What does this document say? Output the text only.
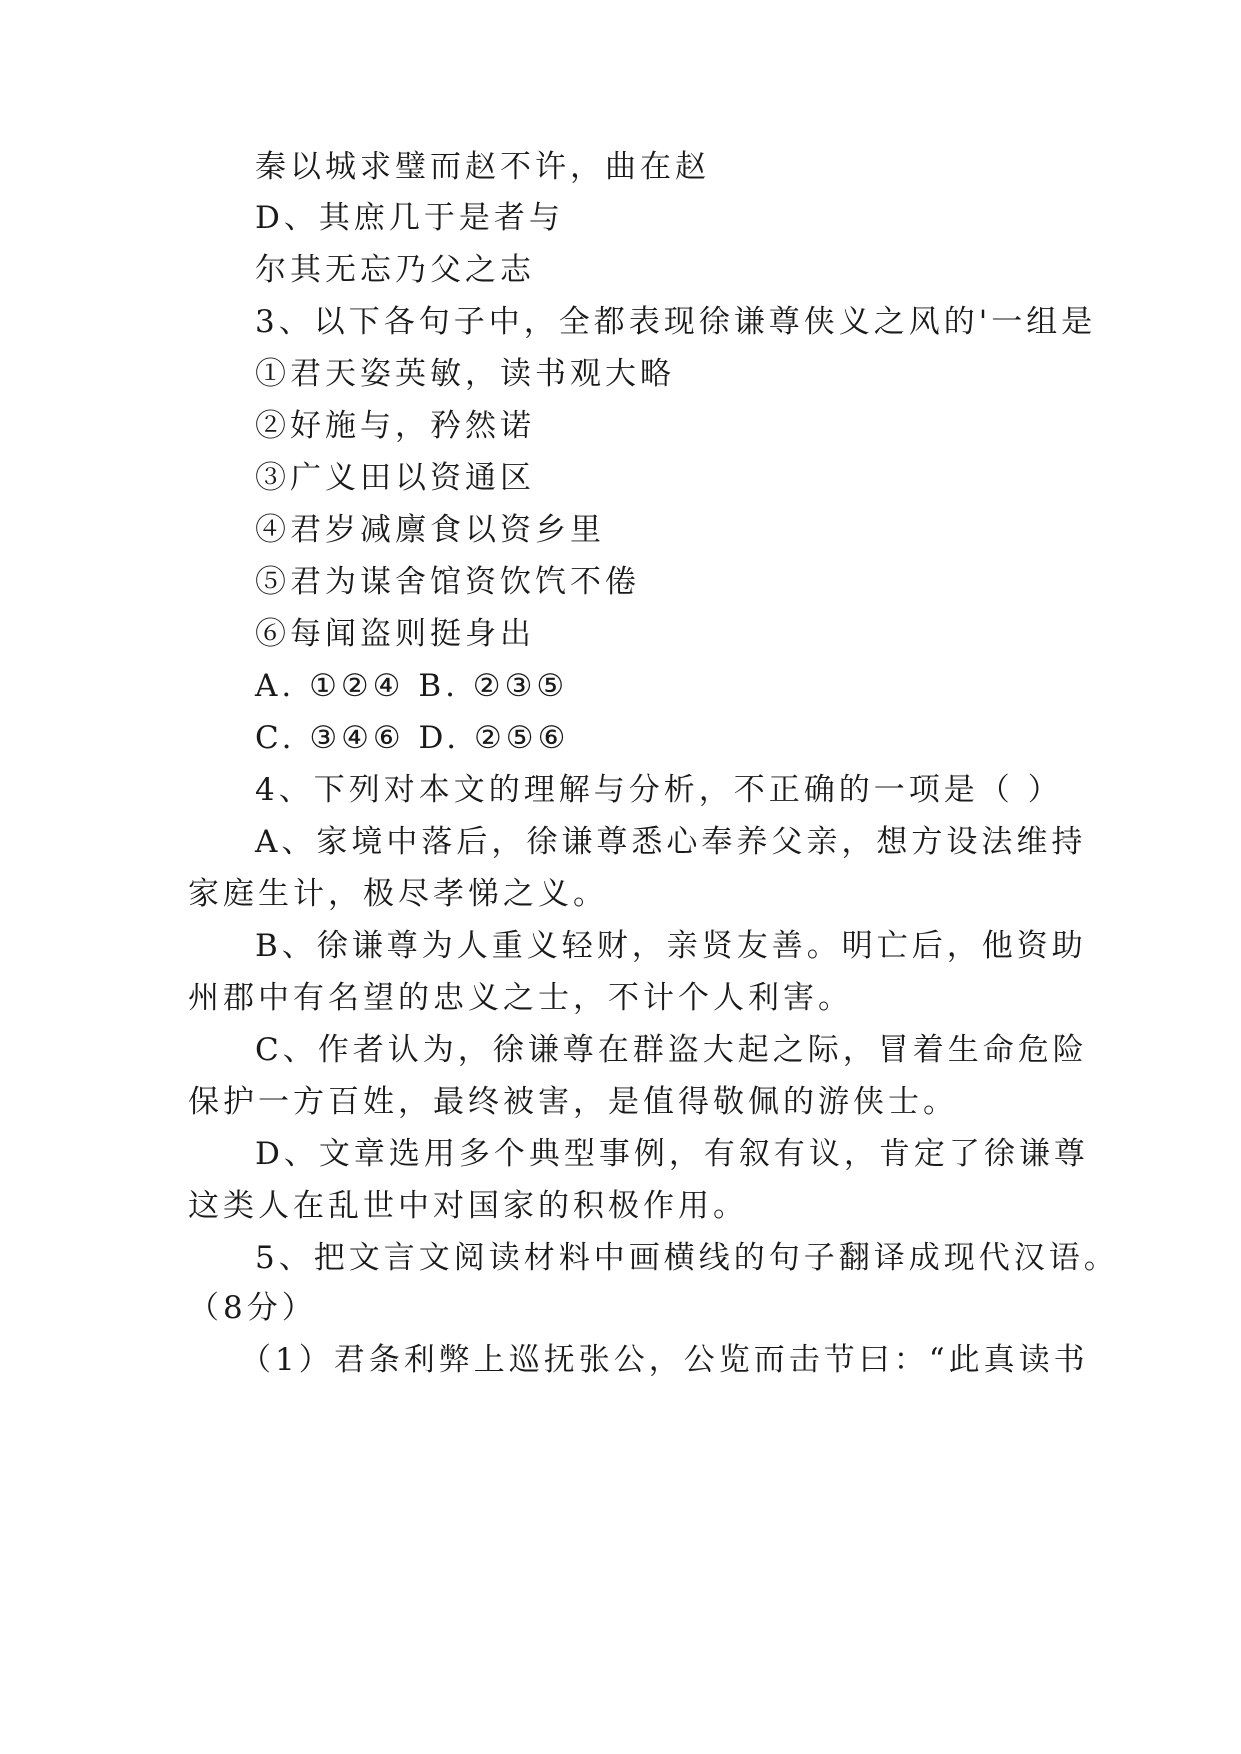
秦以城求璧而赵不许，曲在赵
D、其庶几于是者与
尔其无忘乃父之志
3、以下各句子中，全都表现徐谦尊侠义之风的'一组是
①君天姿英敏，读书观大略
②好施与，矜然诺
③广义田以资通区
④君岁减廪食以资乡里
⑤君为谋舍馆资饮饩不倦
⑥每闻盗则挺身出
A. ①②④ B. ②③⑤
C. ③④⑥ D. ②⑤⑥
4、下列对本文的理解与分析，不正确的一项是（ ）
A、家境中落后，徐谦尊悉心奉养父亲，想方设法维持
家庭生计，极尽孝悌之义。
B、徐谦尊为人重义轻财，亲贤友善。明亡后，他资助
州郡中有名望的忠义之士，不计个人利害。
C、作者认为，徐谦尊在群盗大起之际，冒着生命危险
保护一方百姓，最终被害，是值得敬佩的游侠士。
D、文章选用多个典型事例，有叙有议，肯定了徐谦尊
这类人在乱世中对国家的积极作用。
5、把文言文阅读材料中画横线的句子翻译成现代汉语。
（8分）
（1）君条利弊上巡抚张公，公览而击节曰：“此真读书
